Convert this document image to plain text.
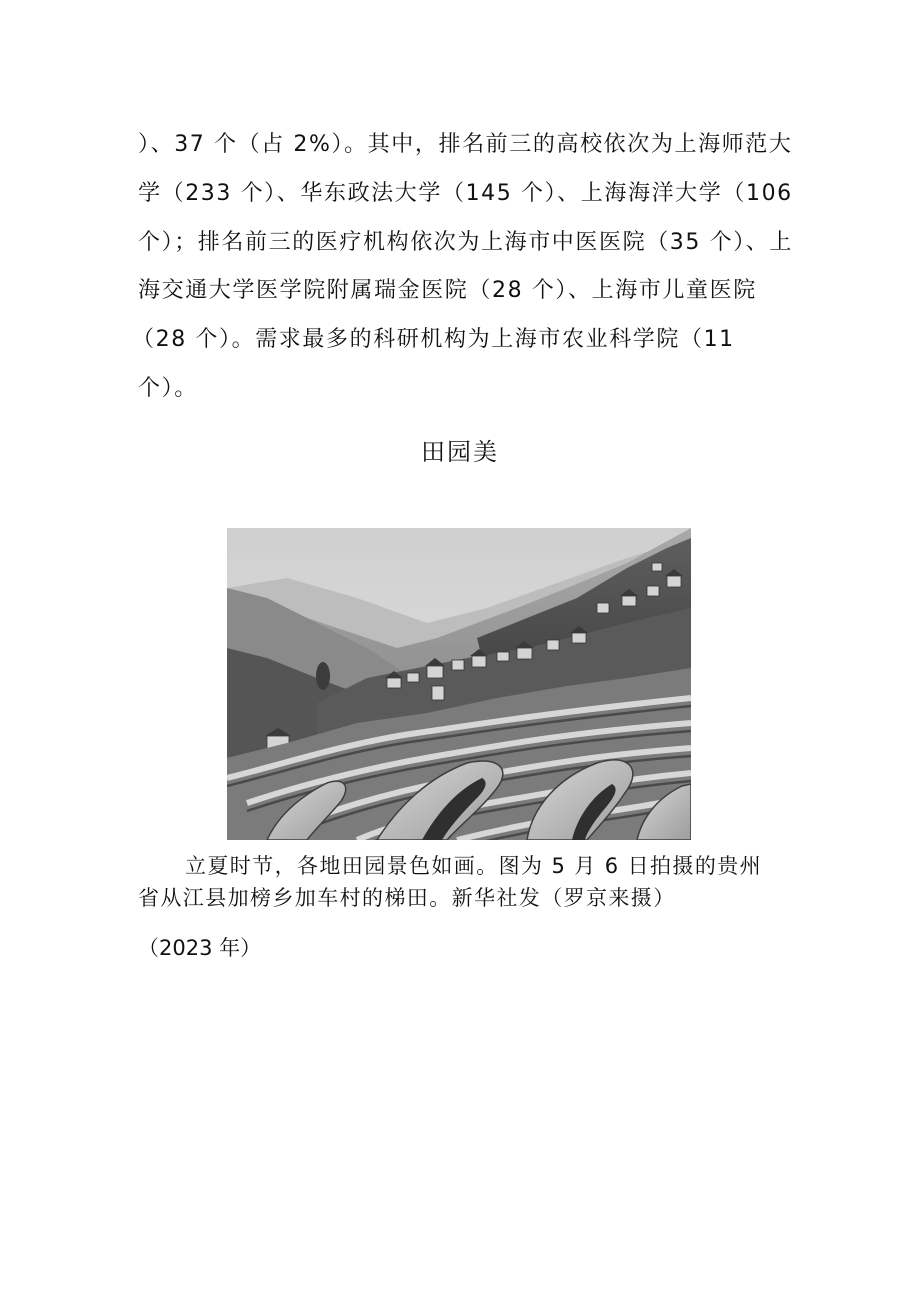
）、37 个（占 2%）。其中，排名前三的高校依次为上海师范大
学（233 个）、华东政法大学（145 个）、上海海洋大学（106
个）；排名前三的医疗机构依次为上海市中医医院（35 个）、上
海交通大学医学院附属瑞金医院（28 个）、上海市儿童医院
（28 个）。需求最多的科研机构为上海市农业科学院（11
个）。
田园美
立夏时节，各地田园景色如画。图为 5 月 6 日拍摄的贵州
省从江县加榜乡加车村的梯田。新华社发（罗京来摄）
（2023 年）
